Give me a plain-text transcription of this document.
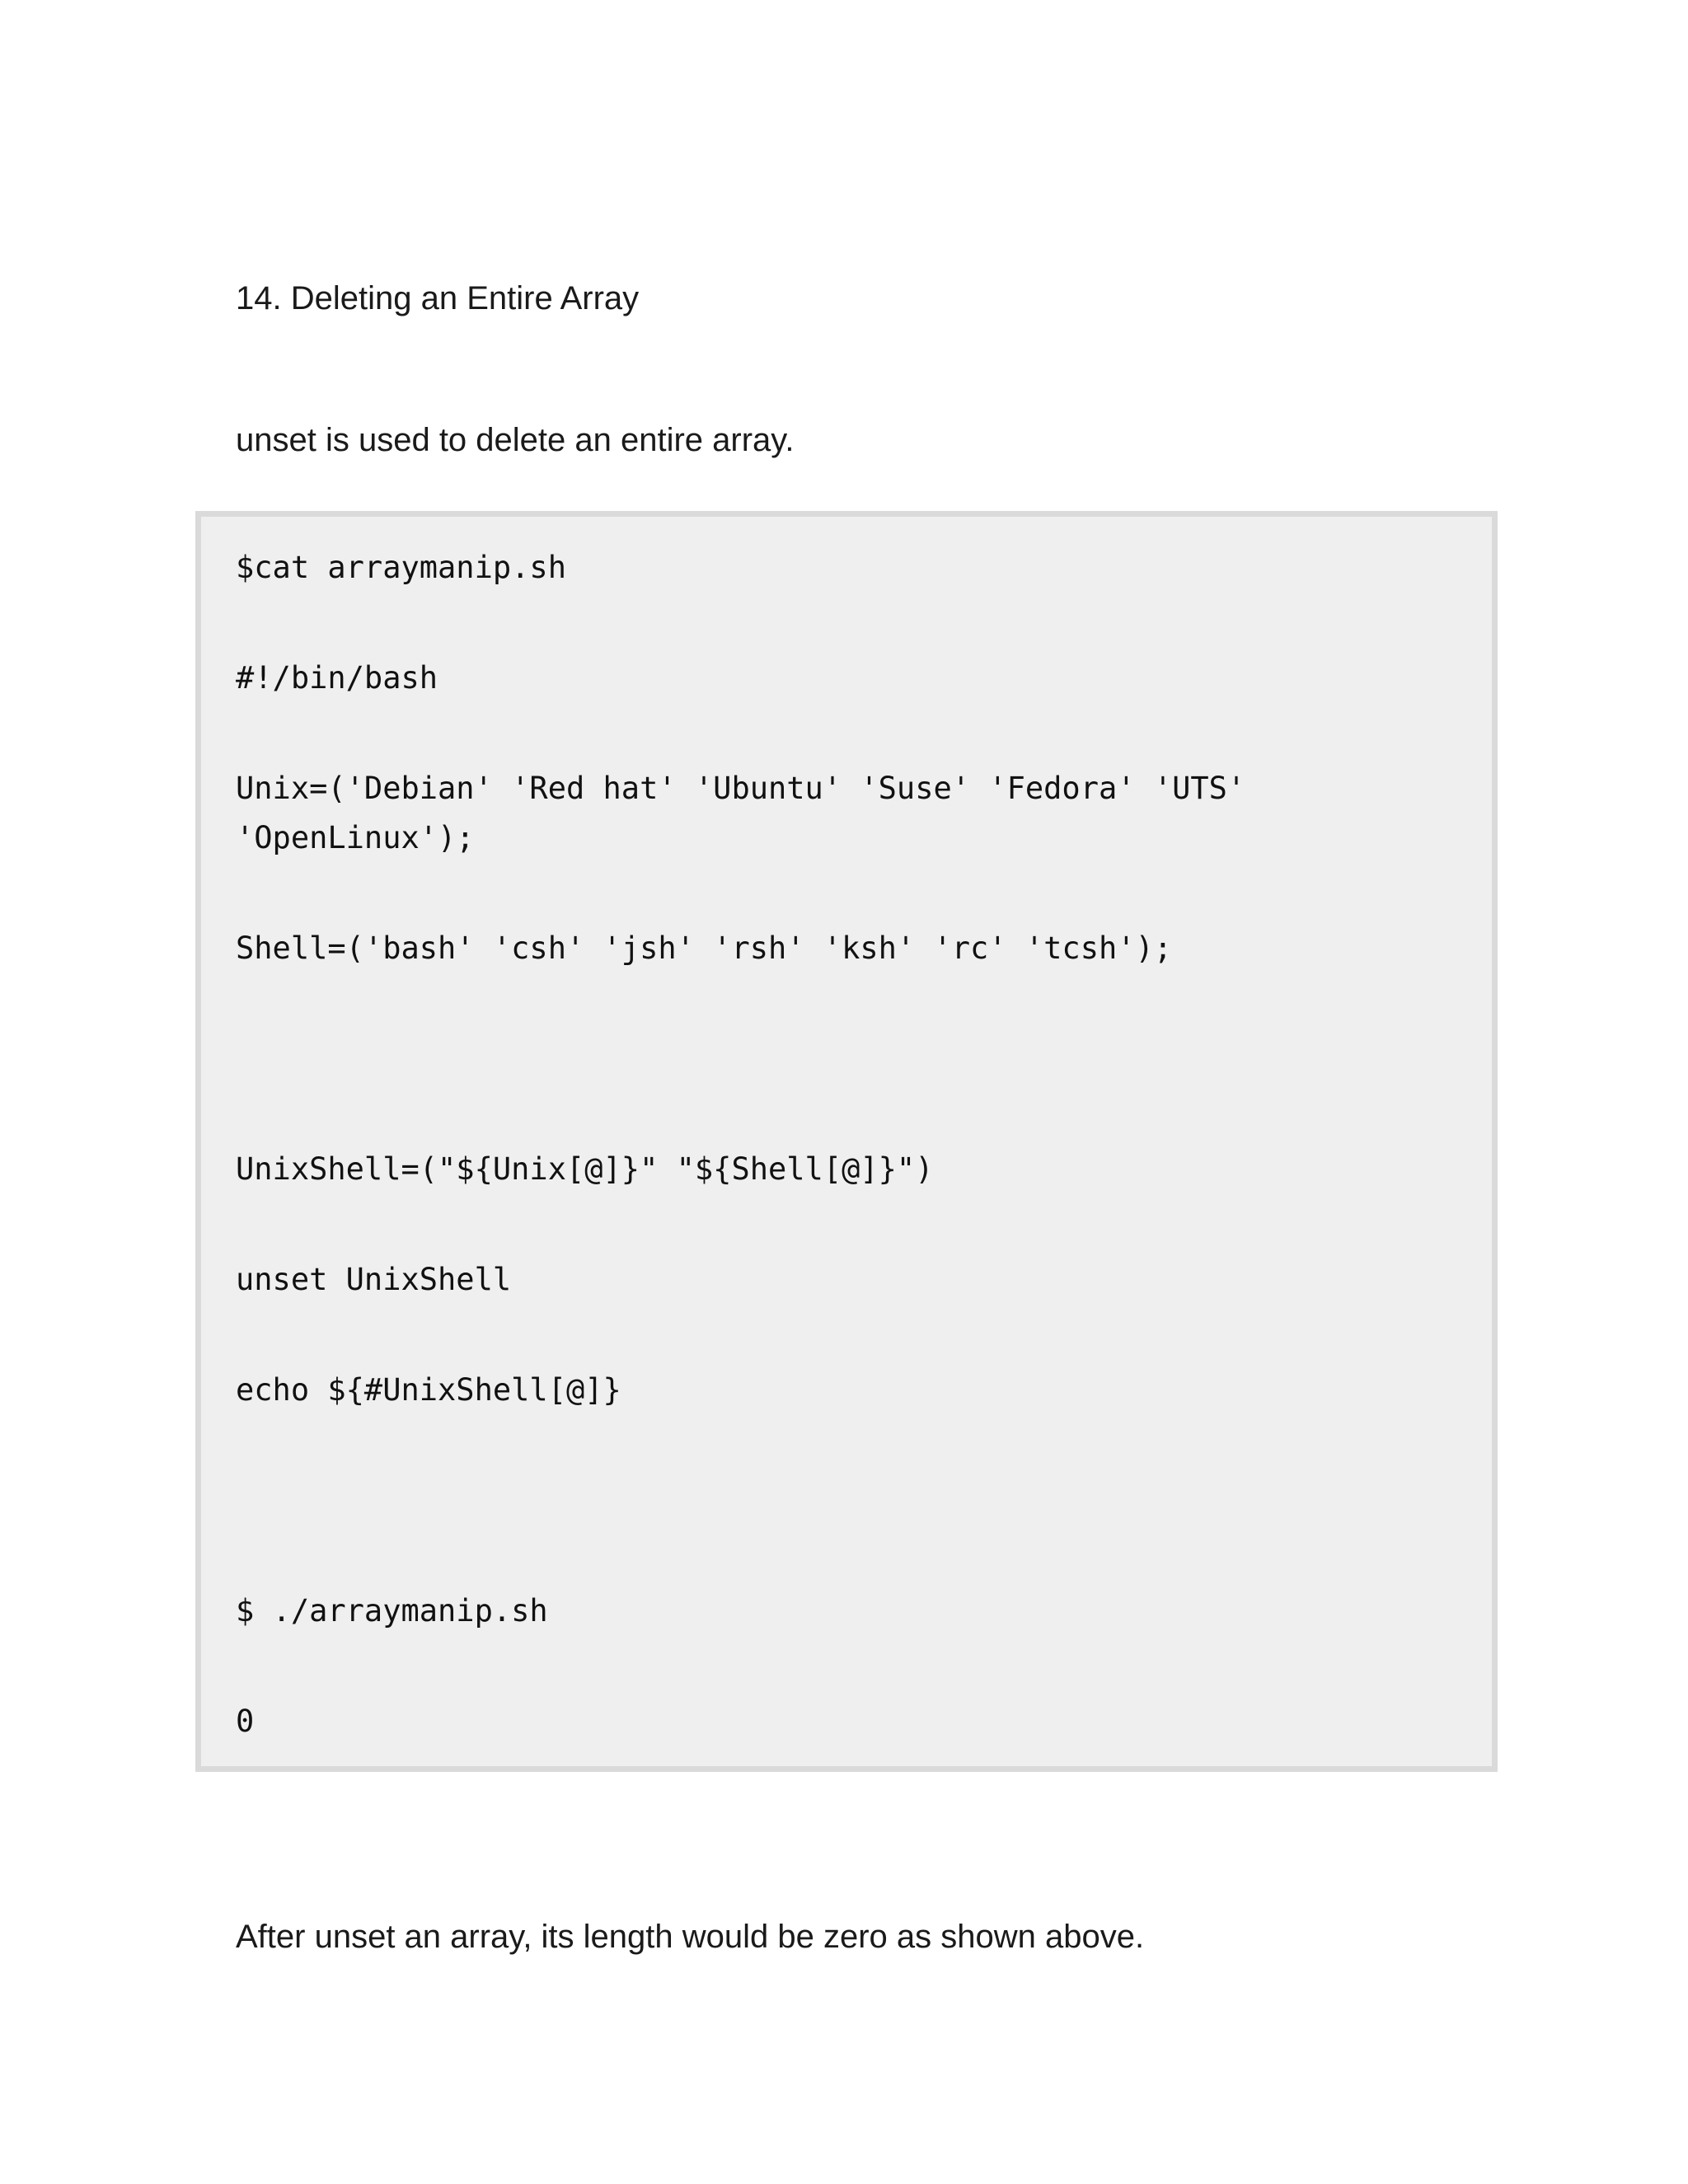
14. Deleting an Entire Array
unset is used to delete an entire array.
$cat arraymanip.sh
#!/bin/bash
Unix=('Debian' 'Red hat' 'Ubuntu' 'Suse' 'Fedora' 'UTS'
'OpenLinux');
Shell=('bash' 'csh' 'jsh' 'rsh' 'ksh' 'rc' 'tcsh');
UnixShell=("${Unix[@]}" "${Shell[@]}")
unset UnixShell
echo ${#UnixShell[@]}
$ ./arraymanip.sh
0
After unset an array, its length would be zero as shown above.
